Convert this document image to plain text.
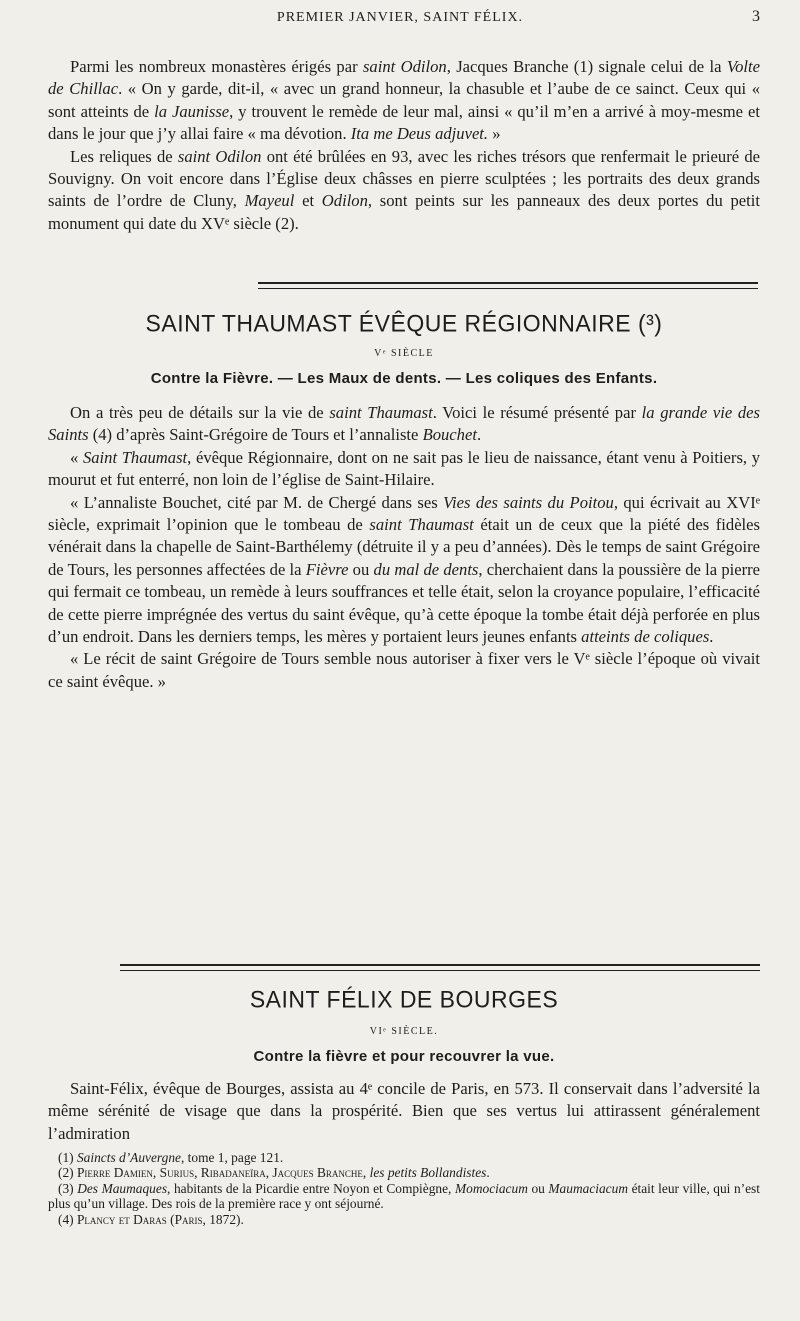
PREMIER JANVIER, SAINT FÉLIX.	3

Parmi les nombreux monastères érigés par saint Odilon, Jacques Branche (1) signale celui de la Volte de Chillac. « On y garde, dit-il, « avec un grand honneur, la chasuble et l’aube de ce sainct. Ceux qui « sont atteints de la Jaunisse, y trouvent le remède de leur mal, ainsi « qu’il m’en a arrivé à moy-mesme et dans le jour que j’y allai faire « ma dévotion. Ita me Deus adjuvet. »

Les reliques de saint Odilon ont été brûlées en 93, avec les riches trésors que renfermait le prieuré de Souvigny. On voit encore dans l’Église deux châsses en pierre sculptées ; les portraits des deux grands saints de l’ordre de Cluny, Mayeul et Odilon, sont peints sur les panneaux des deux portes du petit monument qui date du XVᵉ siècle (2).

SAINT THAUMAST ÉVÊQUE RÉGIONNAIRE (³)
Vᵉ SIÈCLE
Contre la Fièvre. — Les Maux de dents. — Les coliques des Enfants.

On a très peu de détails sur la vie de saint Thaumast. Voici le résumé présenté par la grande vie des Saints (4) d’après Saint-Grégoire de Tours et l’annaliste Bouchet.

« Saint Thaumast, évêque Régionnaire, dont on ne sait pas le lieu de naissance, étant venu à Poitiers, y mourut et fut enterré, non loin de l’église de Saint-Hilaire.

« L’annaliste Bouchet, cité par M. de Chergé dans ses Vies des saints du Poitou, qui écrivait au XVIᵉ siècle, exprimait l’opinion que le tombeau de saint Thaumast était un de ceux que la piété des fidèles vénérait dans la chapelle de Saint-Barthélemy (détruite il y a peu d’années). Dès le temps de saint Grégoire de Tours, les personnes affectées de la Fièvre ou du mal de dents, cherchaient dans la poussière de la pierre qui fermait ce tombeau, un remède à leurs souffrances et telle était, selon la croyance populaire, l’efficacité de cette pierre imprégnée des vertus du saint évêque, qu’à cette époque la tombe était déjà perforée en plus d’un endroit. Dans les derniers temps, les mères y portaient leurs jeunes enfants atteints de coliques.

« Le récit de saint Grégoire de Tours semble nous autoriser à fixer vers le Vᵉ siècle l’époque où vivait ce saint évêque. »

SAINT FÉLIX DE BOURGES
VIᵉ SIÈCLE.
Contre la fièvre et pour recouvrer la vue.

Saint-Félix, évêque de Bourges, assista au 4ᵉ concile de Paris, en 573. Il conservait dans l’adversité la même sérénité de visage que dans la prospérité. Bien que ses vertus lui attirassent généralement l’admiration

(1) Saincts d’Auvergne, tome 1, page 121.

(2) Pierre Damien, Surius, Ribadaneïra, Jacques Branche, les petits Bollandistes.

(3) Des Maumaques, habitants de la Picardie entre Noyon et Compiègne, Momociacum ou Maumaciacum était leur ville, qui n’est plus qu’un village. Des rois de la première race y ont séjourné.

(4) Plancy et Daras (Paris, 1872).
